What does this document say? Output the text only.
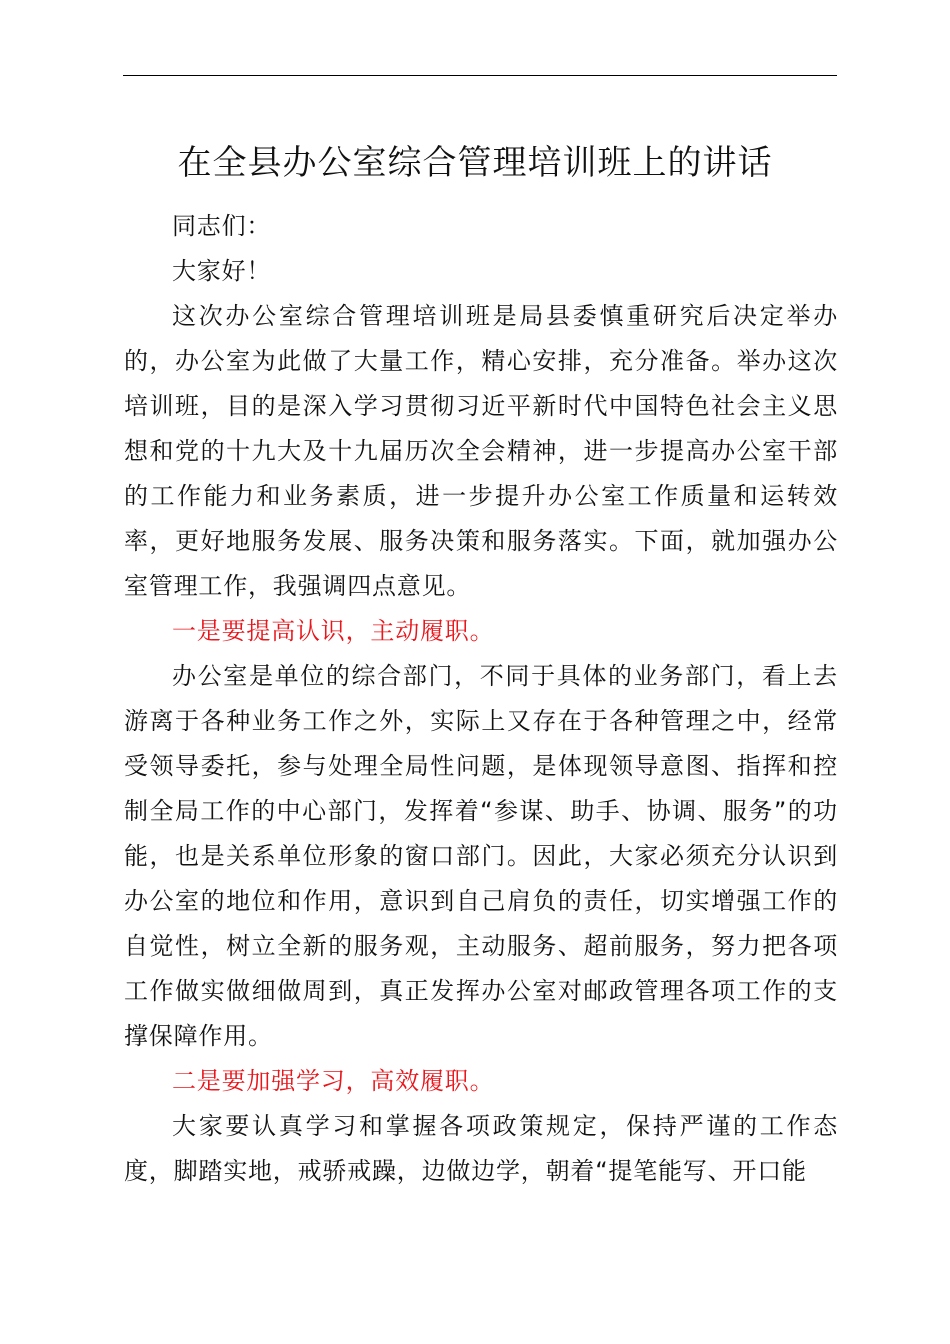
在全县办公室综合管理培训班上的讲话

同志们：

大家好！

这次办公室综合管理培训班是局县委慎重研究后决定举办的，办公室为此做了大量工作，精心安排，充分准备。举办这次培训班，目的是深入学习贯彻习近平新时代中国特色社会主义思想和党的十九大及十九届历次全会精神，进一步提高办公室干部的工作能力和业务素质，进一步提升办公室工作质量和运转效率，更好地服务发展、服务决策和服务落实。下面，就加强办公室管理工作，我强调四点意见。

一是要提高认识，主动履职。

办公室是单位的综合部门，不同于具体的业务部门，看上去游离于各种业务工作之外，实际上又存在于各种管理之中，经常受领导委托，参与处理全局性问题，是体现领导意图、指挥和控制全局工作的中心部门，发挥着“参谋、助手、协调、服务”的功能，也是关系单位形象的窗口部门。因此，大家必须充分认识到办公室的地位和作用，意识到自己肩负的责任，切实增强工作的自觉性，树立全新的服务观，主动服务、超前服务，努力把各项工作做实做细做周到，真正发挥办公室对邮政管理各项工作的支撑保障作用。

二是要加强学习，高效履职。

大家要认真学习和掌握各项政策规定，保持严谨的工作态度，脚踏实地，戒骄戒躁，边做边学，朝着“提笔能写、开口能
